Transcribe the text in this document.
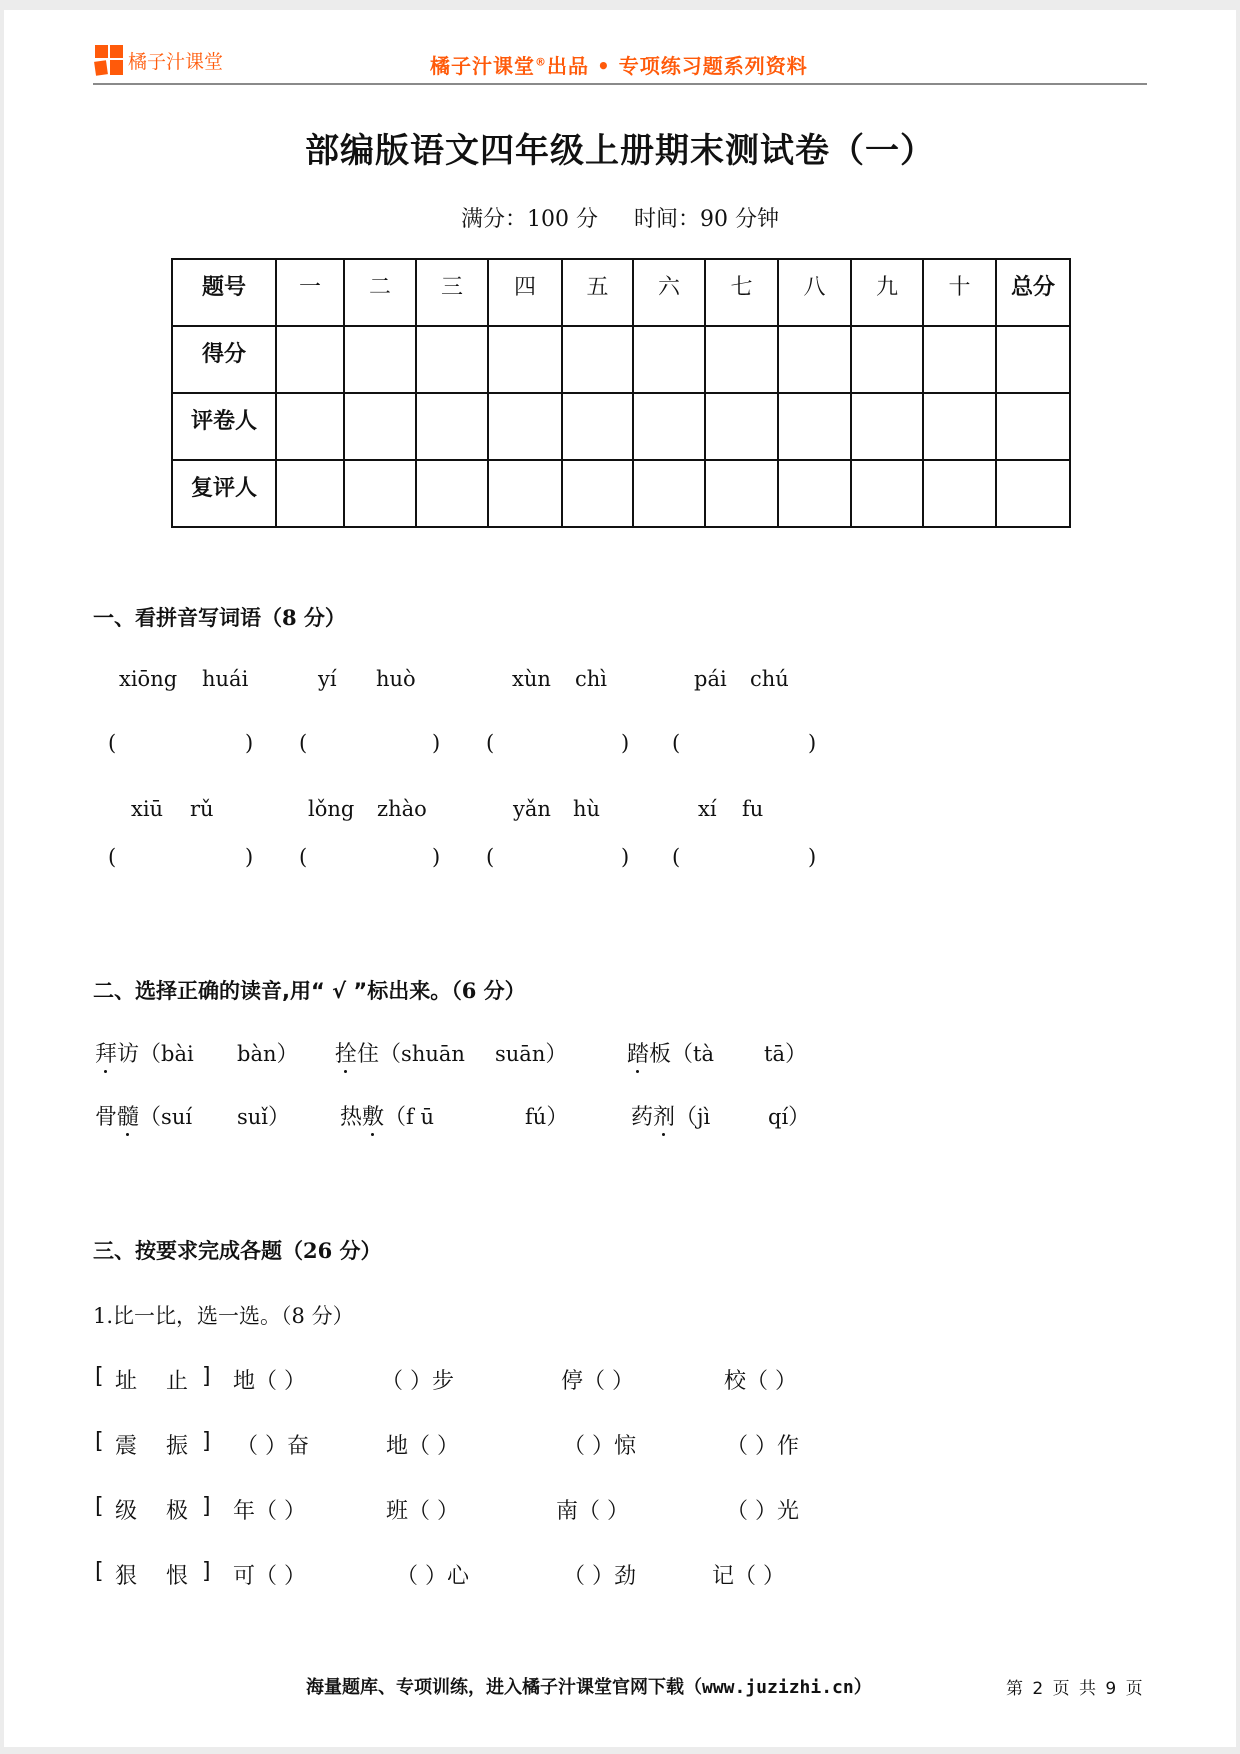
橘子汁课堂	橘子汁课堂®出品 • 专项练习题系列资料
部编版语文四年级上册期末测试卷（一）
满分：100 分 时间：90 分钟
题号	一	二	三	四	五	六	七	八	九	十	总分
得分											
评卷人											
复评人											
一、看拼音写词语（8 分）
xiōng huái
(	)
yí huò
(	)
xùn chì
(	)
pái chú
(	)
xiū rǔ
(	)
lǒng zhào
(	)
yǎn hù
(	)
xí fu
(	)
二、选择正确的读音,用“ √ ”标出来。（6 分）
拜访（bài bàn） 拴住（shuān suān）	踏板（tà tā）
骨髓（suí suǐ） 热敷（f ū	fú）	药剂（jì	qí）
三、按要求完成各题（26 分）
1.比一比，选一选。（8 分）
[ 址 止 ] 地（ ）	（ ）步	停（ ）	校（ ）
[ 震 振 ] （ ）奋	地（ ）	（ ）惊	（ ）作
[ 级 极 ] 年（ ）	班（ ）	南（ ）	（ ）光
[ 狠 恨 ] 可（ ）	（ ）心	（ ）劲	记（ ）
海量题库、专项训练，进入橘子汁课堂官网下载（www.juzizhi.cn）	第 2 页 共 9 页
